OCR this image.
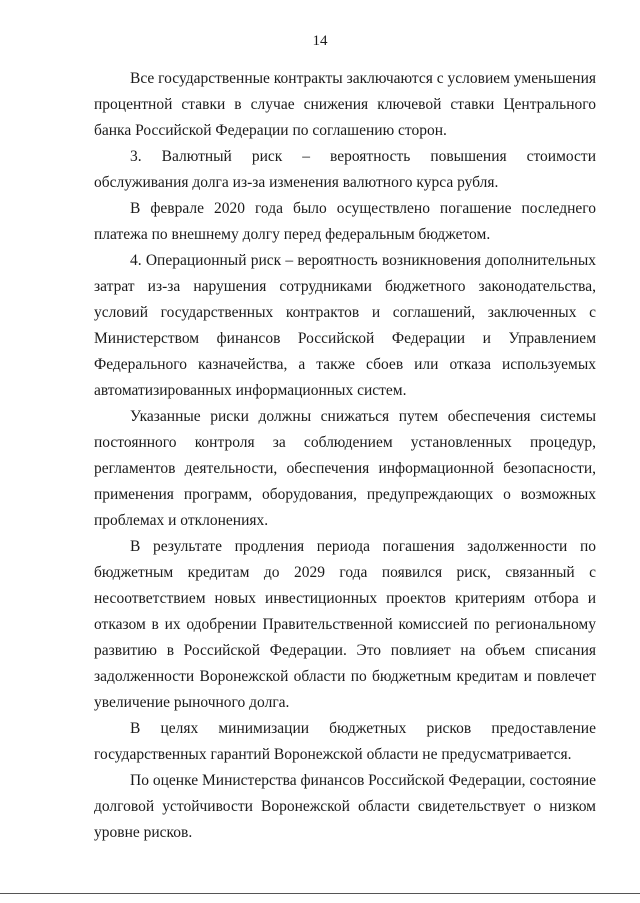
14

Все государственные контракты заключаются с условием уменьшения процентной ставки в случае снижения ключевой ставки Центрального банка Российской Федерации по соглашению сторон.

3. Валютный риск – вероятность повышения стоимости обслуживания долга из-за изменения валютного курса рубля.

В феврале 2020 года было осуществлено погашение последнего платежа по внешнему долгу перед федеральным бюджетом.

4. Операционный риск – вероятность возникновения дополнительных затрат из-за нарушения сотрудниками бюджетного законодательства, условий государственных контрактов и соглашений, заключенных с Министерством финансов Российской Федерации и Управлением Федерального казначейства, а также сбоев или отказа используемых автоматизированных информационных систем.

Указанные риски должны снижаться путем обеспечения системы постоянного контроля за соблюдением установленных процедур, регламентов деятельности, обеспечения информационной безопасности, применения программ, оборудования, предупреждающих о возможных проблемах и отклонениях.

В результате продления периода погашения задолженности по бюджетным кредитам до 2029 года появился риск, связанный с несоответствием новых инвестиционных проектов критериям отбора и отказом в их одобрении Правительственной комиссией по региональному развитию в Российской Федерации. Это повлияет на объем списания задолженности Воронежской области по бюджетным кредитам и повлечет увеличение рыночного долга.

В целях минимизации бюджетных рисков предоставление государственных гарантий Воронежской области не предусматривается.

По оценке Министерства финансов Российской Федерации, состояние долговой устойчивости Воронежской области свидетельствует о низком уровне рисков.
